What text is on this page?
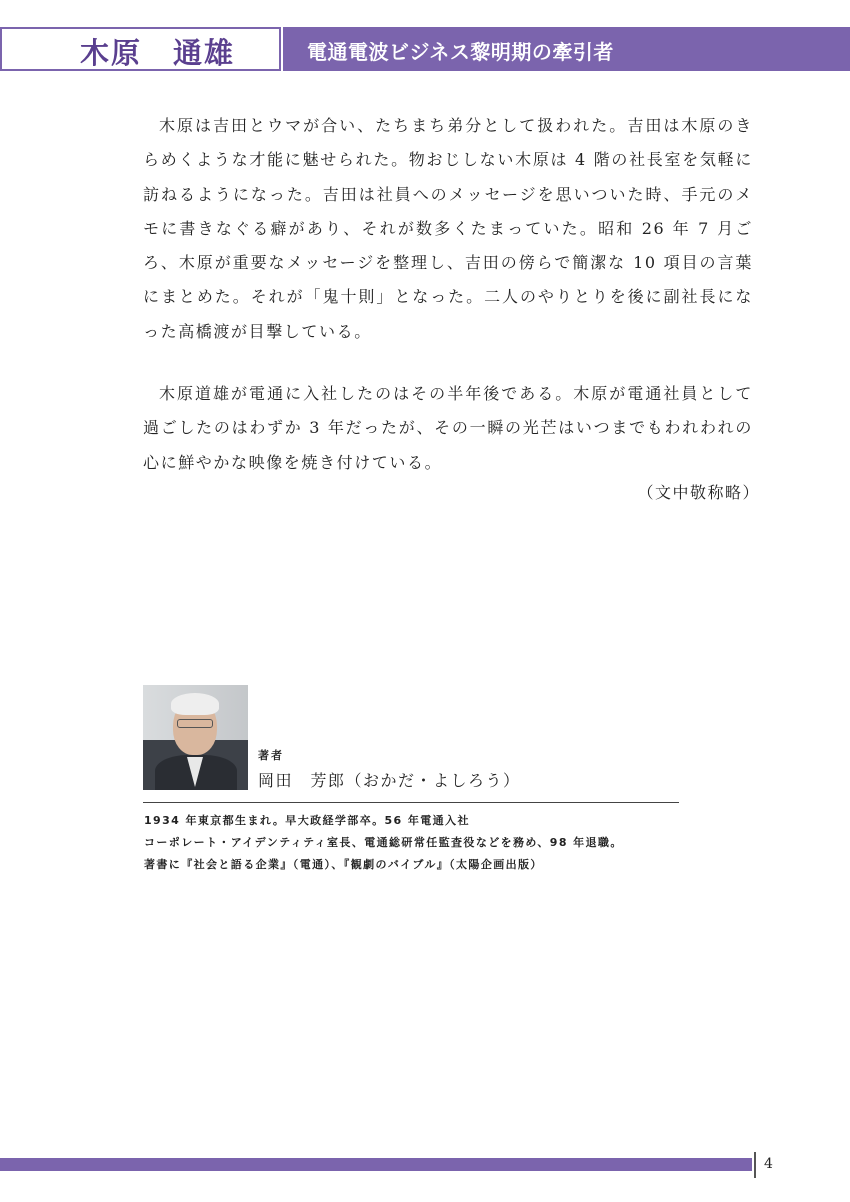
木原　通雄	電通電波ビジネス黎明期の牽引者

木原は吉田とウマが合い、たちまち弟分として扱われた。吉田は木原のきらめくような才能に魅せられた。物おじしない木原は 4 階の社長室を気軽に訪ねるようになった。吉田は社員へのメッセージを思いついた時、手元のメモに書きなぐる癖があり、それが数多くたまっていた。昭和 26 年 7 月ごろ、木原が重要なメッセージを整理し、吉田の傍らで簡潔な 10 項目の言葉にまとめた。それが「鬼十則」となった。二人のやりとりを後に副社長になった高橋渡が目撃している。

木原道雄が電通に入社したのはその半年後である。木原が電通社員として過ごしたのはわずか 3 年だったが、その一瞬の光芒はいつまでもわれわれの心に鮮やかな映像を焼き付けている。

（文中敬称略）
著者
岡田　芳郎（おかだ・よしろう）
1934 年東京都生まれ。早大政経学部卒。56 年電通入社
コーポレート・アイデンティティ室長、電通総研常任監査役などを務め、98 年退職。
著書に『社会と語る企業』（電通）、『観劇のバイブル』（太陽企画出版）
4
